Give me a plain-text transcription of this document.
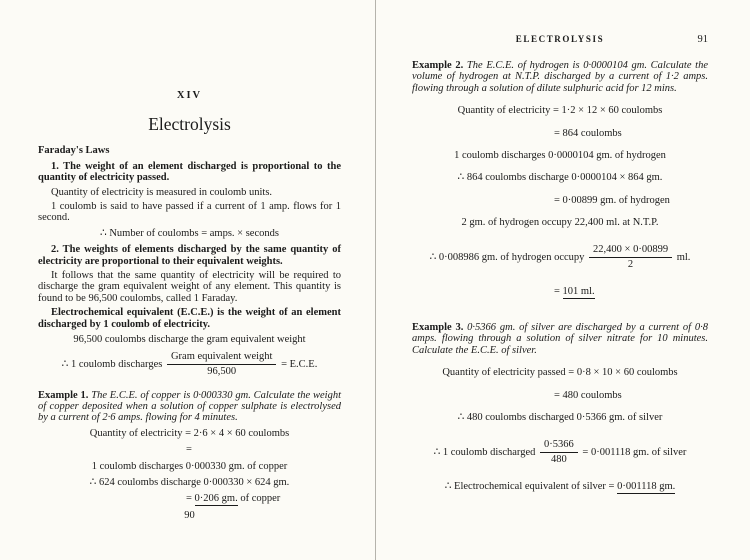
XIV
Electrolysis
Faraday's Laws

1. The weight of an element discharged is proportional to the quantity of electricity passed.

Quantity of electricity is measured in coulomb units.

1 coulomb is said to have passed if a current of 1 amp. flows for 1 second.

∴ Number of coulombs = amps. × seconds

2. The weights of elements discharged by the same quantity of electricity are proportional to their equivalent weights.

It follows that the same quantity of electricity will be required to discharge the gram equivalent weight of any element. This quantity is found to be 96,500 coulombs, called 1 Faraday.

Electrochemical equivalent (E.C.E.) is the weight of an element discharged by 1 coulomb of electricity.

96,500 coulombs discharge the gram equivalent weight
∴ 1 coulomb discharges $\frac{\text{Gram equivalent weight}}{96,500} = E.C.E$.

Example 1. The E.C.E. of copper is 0·000330 gm. Calculate the weight of copper deposited when a solution of copper sulphate is electrolysed by a current of 2·6 amps. flowing for 4 minutes.

Quantity of electricity = 2·6 × 4 × 60 coulombs
=
1 coulomb discharges 0·000330 gm. of copper
∴ 624 coulombs discharge 0·000330 × 624 gm.
= 0·206 gm. of copper
90
ELECTROLYSIS	91

Example 2. The E.C.E. of hydrogen is 0·0000104 gm. Calculate the volume of hydrogen at N.T.P. discharged by a current of 1·2 amps. flowing through a solution of dilute sulphuric acid for 12 mins.

Quantity of electricity = 1·2 × 12 × 60 coulombs
= 864 coulombs
1 coulomb discharges 0·0000104 gm. of hydrogen
∴ 864 coulombs discharge 0·0000104 × 864 gm.
= 0·00899 gm. of hydrogen
2 gm. of hydrogen occupy 22,400 ml. at N.T.P.
∴ 0·008986 gm. of hydrogen occupy $\frac{22,400 \times 0\cdot 00899}{2}$ ml.
= 101 ml.

Example 3. 0·5366 gm. of silver are discharged by a current of 0·8 amps. flowing through a solution of silver nitrate for 10 minutes. Calculate the E.C.E. of silver.

Quantity of electricity passed = 0·8 × 10 × 60 coulombs
= 480 coulombs
∴ 480 coulombs discharged 0·5366 gm. of silver
∴ 1 coulomb discharged $\frac{0\cdot 5366}{480} = 0\cdot 001118$ gm. of silver
∴ Electrochemical equivalent of silver = 0·001118 gm.
